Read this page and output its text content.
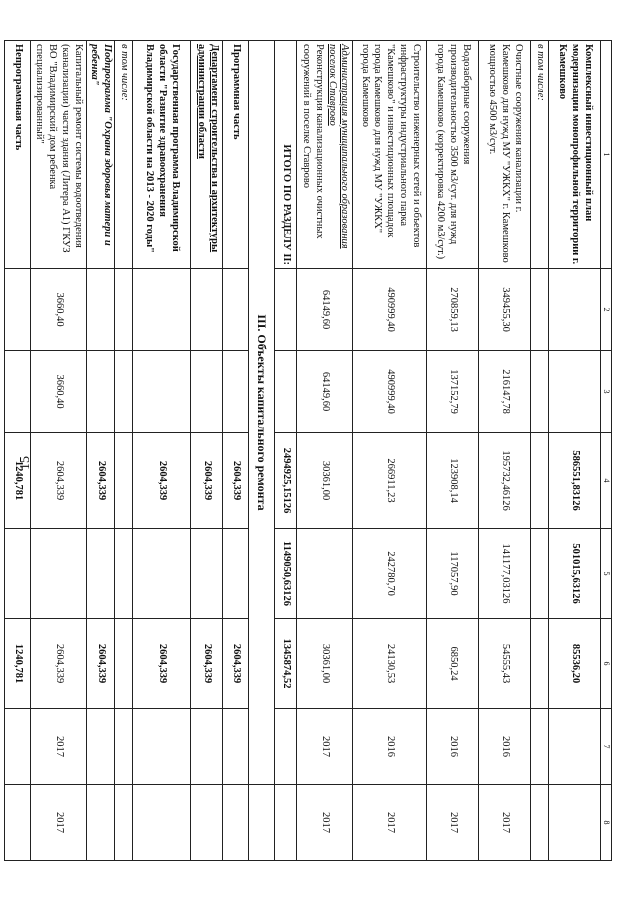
15
1	2	3	4	5	6	7	8
Комплексный инвестиционный план модернизации монопрофильной территории г. Камешково			586551,83126	501015,63126	85536,20		
в том числе:							
Очистные сооружения канализации г. Камешково для нужд МУ "УЖКХ" г. Камешково мощностью 4500 м3/сут.	349455,30	216147,78	195732,46126	141177,03126	54555,43	2016	2017
Водозаборные сооружения производительностью 3500 м3/сут. для нужд города Камешково (корректировка 4200 м3/сут.)	270859,13	137152,79	123908,14	117057,90	6850,24	2016	2017
Строительство инженерных сетей и объектов инфраструктуры индустриального парка "Камешково" и инвестиционных площадок города Камешково для нужд МУ "УЖКХ" города Камешково	490999,40	490999,40	266911,23	242780,70	24130,53	2016	2017
Администрация муниципального образования поселок Ставрово
Реконструкция канализационных очистных сооружений в поселке Ставрово	64149,60	64149,60	30361,00		30361,00	2017	2017
ИТОГО ПО РАЗДЕЛУ II:			2494925,15126	1149050,63126	1345874,52		
III. Объекты капитального ремонта							
Программная часть			2604,339		2604,339		
Департамент строительства и архитектуры администрации области			2604,339		2604,339		
Государственная программа Владимирской области "Развитие здравоохранения Владимирской области на 2013 - 2020 годы"			2604,339		2604,339		
в том числе:							
Подпрограмма "Охрана здоровья матери и ребенка"			2604,339		2604,339		
Капитальный ремонт системы водоотведения (канализации) части здания (Литера А1) ГКУЗ ВО "Владимирский дом ребенка специализированный"	3660,40	3660,40	2604,339		2604,339	2017	2017
Непрограммная часть			1240,781		1240,781		
